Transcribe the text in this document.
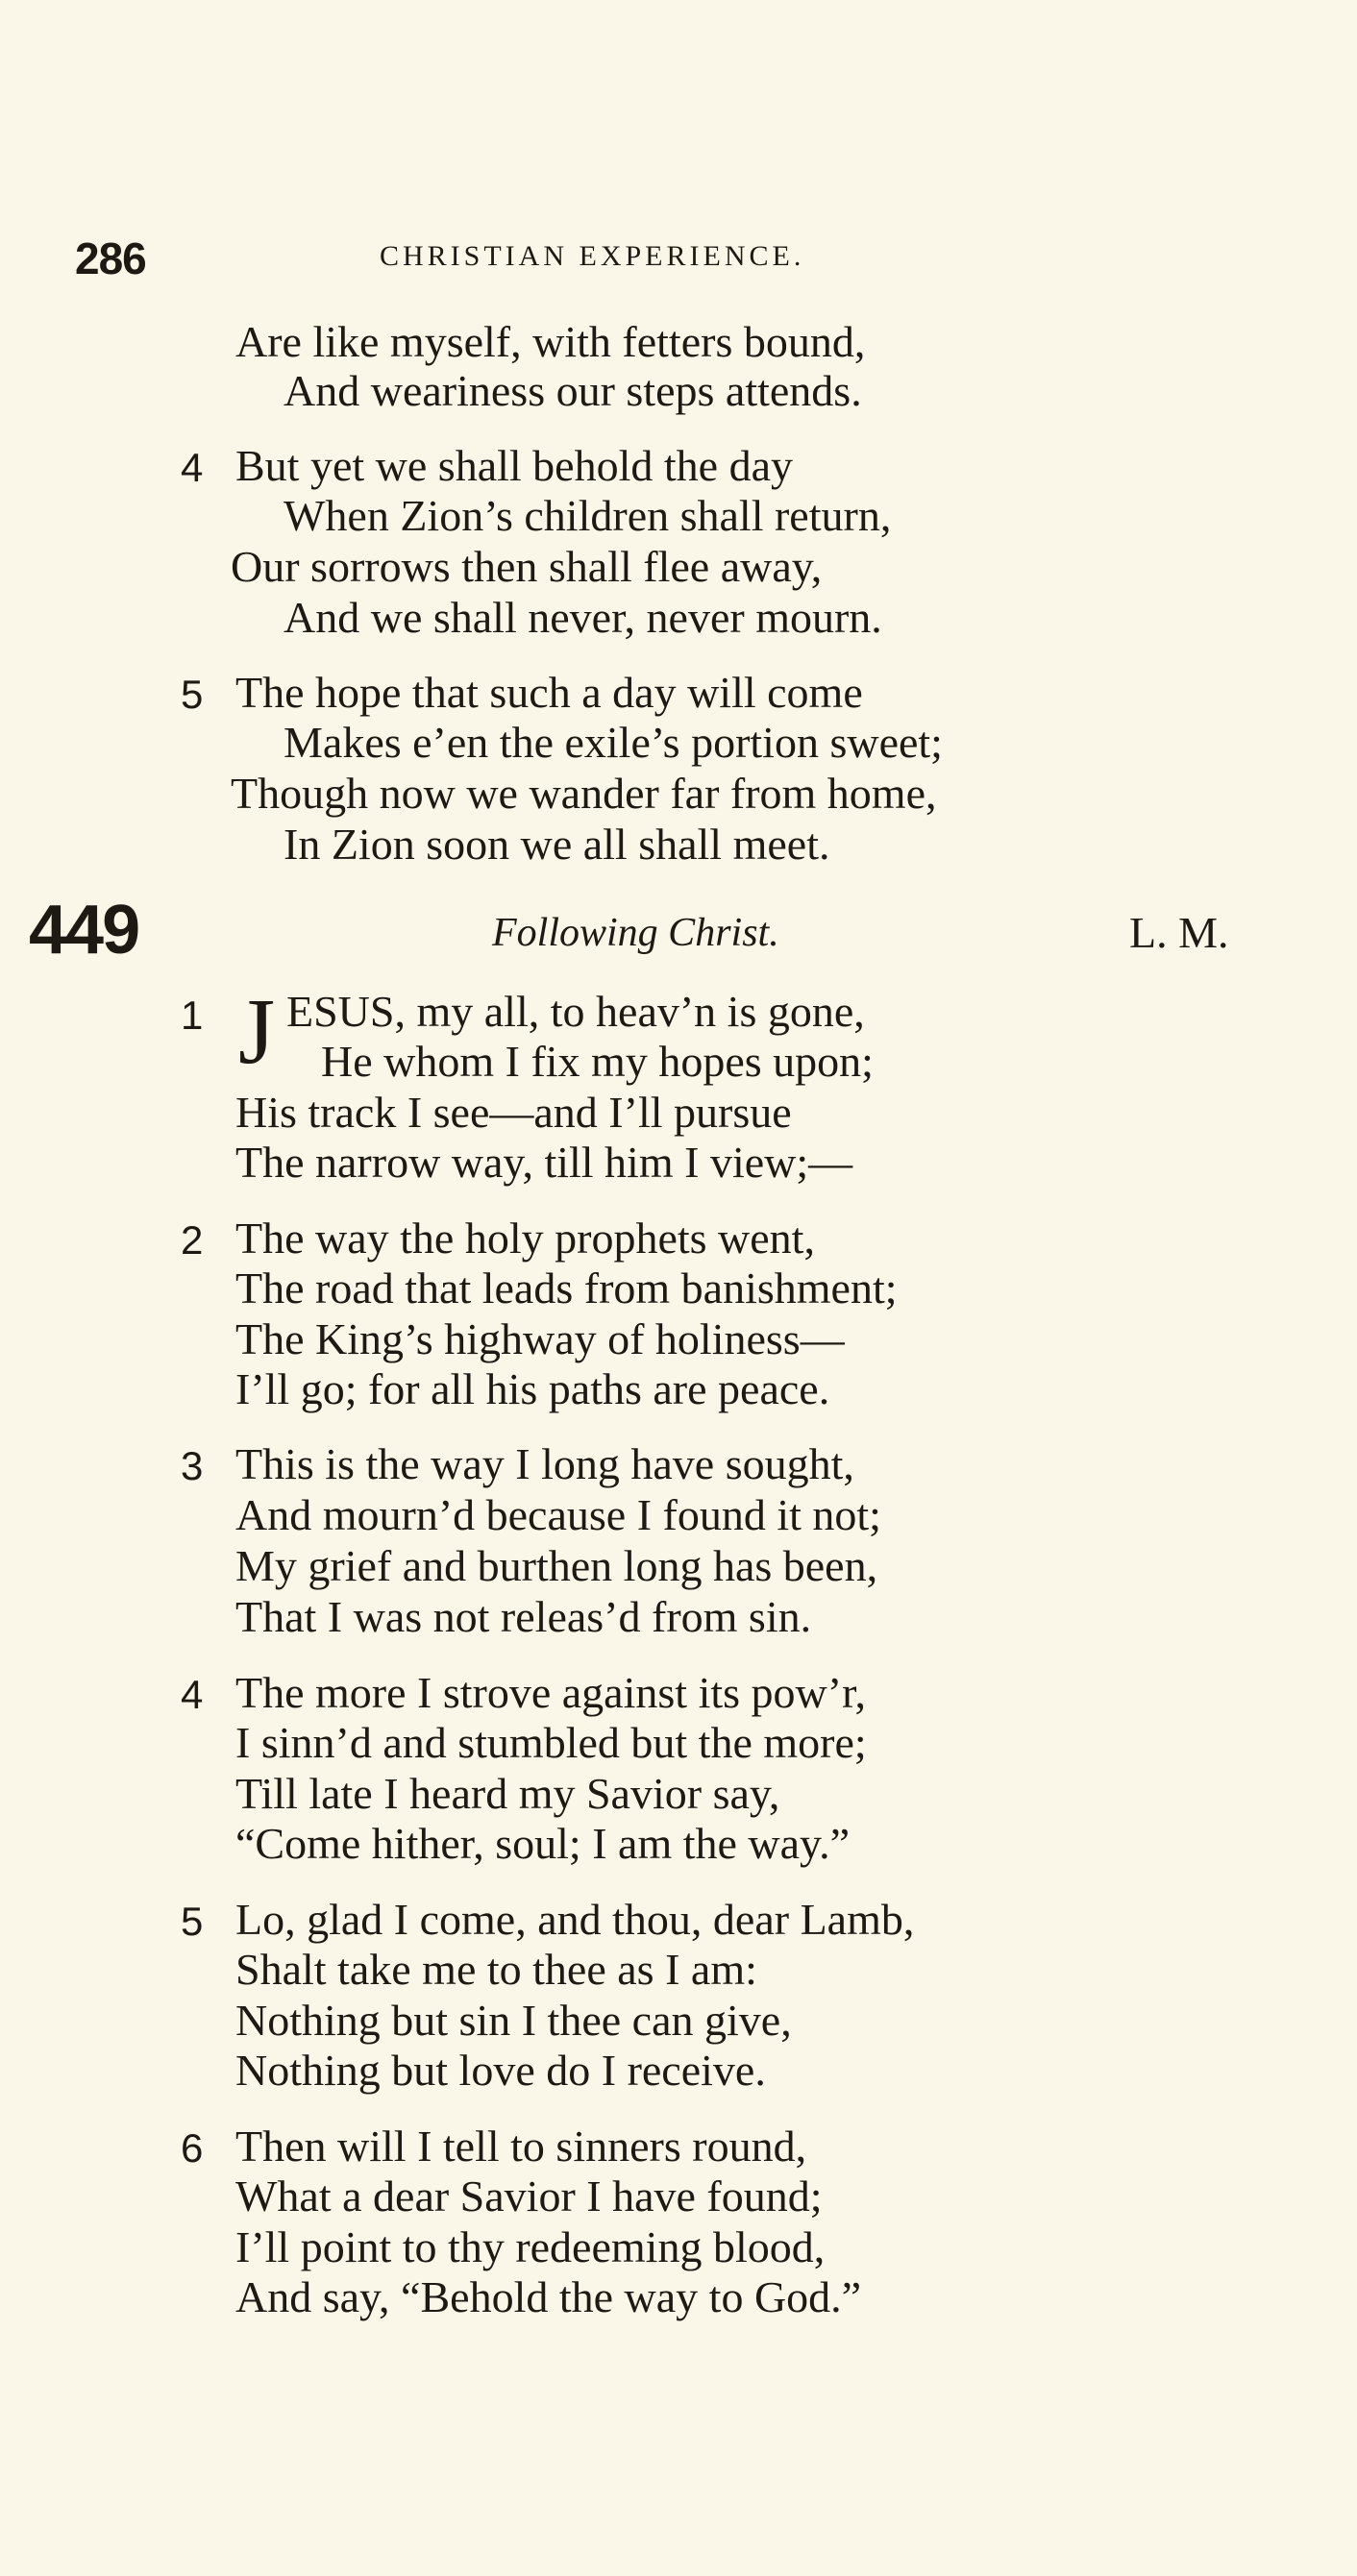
286	CHRISTIAN EXPERIENCE.
Are like myself, with fetters bound,
And weariness our steps attends.
4 But yet we shall behold the day
When Zion’s children shall return,
Our sorrows then shall flee away,
And we shall never, never mourn.
5 The hope that such a day will come
Makes e’en the exile’s portion sweet;
Though now we wander far from home,
In Zion soon we all shall meet.
449	Following Christ.	L. M.
1 J ESUS, my all, to heav’n is gone,
He whom I fix my hopes upon;
His track I see—and I’ll pursue
The narrow way, till him I view;—
2 The way the holy prophets went,
The road that leads from banishment;
The King’s highway of holiness—
I’ll go; for all his paths are peace.
3 This is the way I long have sought,
And mourn’d because I found it not;
My grief and burthen long has been,
That I was not releas’d from sin.
4 The more I strove against its pow’r,
I sinn’d and stumbled but the more;
Till late I heard my Savior say,
“Come hither, soul; I am the way.”
5 Lo, glad I come, and thou, dear Lamb,
Shalt take me to thee as I am:
Nothing but sin I thee can give,
Nothing but love do I receive.
6 Then will I tell to sinners round,
What a dear Savior I have found;
I’ll point to thy redeeming blood,
And say, “Behold the way to God.”
